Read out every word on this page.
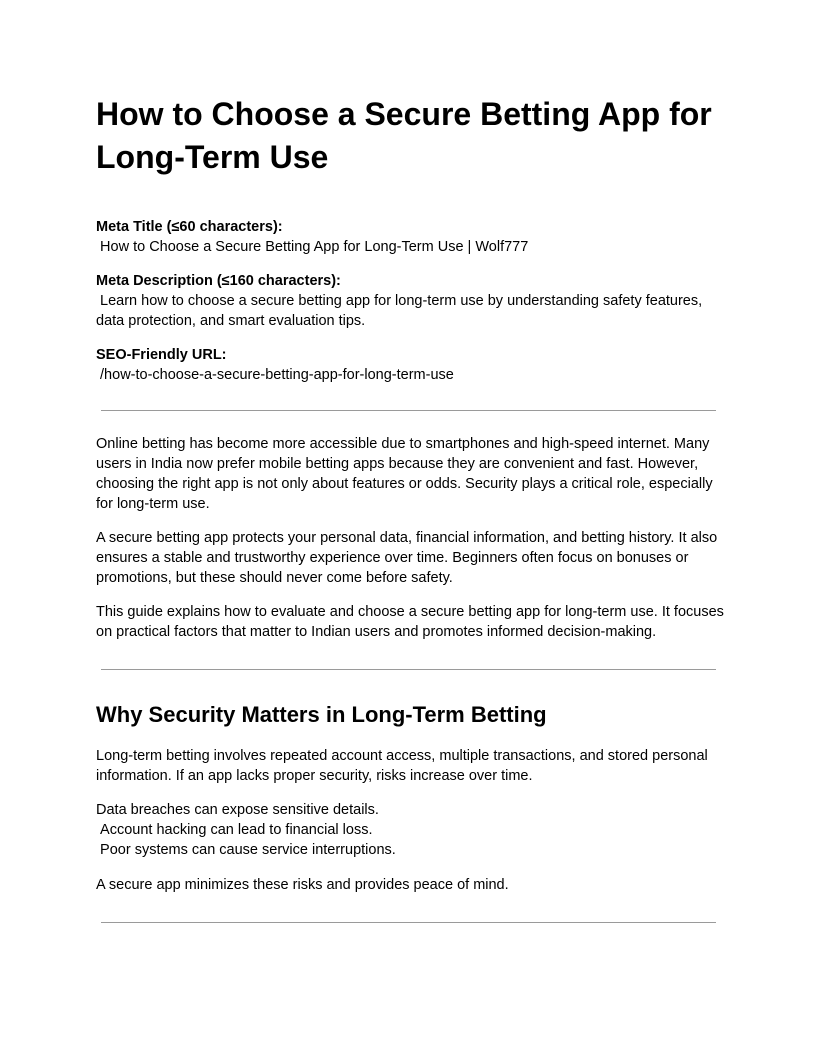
How to Choose a Secure Betting App for Long-Term Use
Meta Title (≤60 characters):
How to Choose a Secure Betting App for Long-Term Use | Wolf777
Meta Description (≤160 characters):
Learn how to choose a secure betting app for long-term use by understanding safety features, data protection, and smart evaluation tips.
SEO-Friendly URL:
/how-to-choose-a-secure-betting-app-for-long-term-use

Online betting has become more accessible due to smartphones and high-speed internet. Many users in India now prefer mobile betting apps because they are convenient and fast. However, choosing the right app is not only about features or odds. Security plays a critical role, especially for long-term use.

A secure betting app protects your personal data, financial information, and betting history. It also ensures a stable and trustworthy experience over time. Beginners often focus on bonuses or promotions, but these should never come before safety.

This guide explains how to evaluate and choose a secure betting app for long-term use. It focuses on practical factors that matter to Indian users and promotes informed decision-making.

Why Security Matters in Long-Term Betting

Long-term betting involves repeated account access, multiple transactions, and stored personal information. If an app lacks proper security, risks increase over time.

Data breaches can expose sensitive details.
Account hacking can lead to financial loss.
Poor systems can cause service interruptions.

A secure app minimizes these risks and provides peace of mind.
